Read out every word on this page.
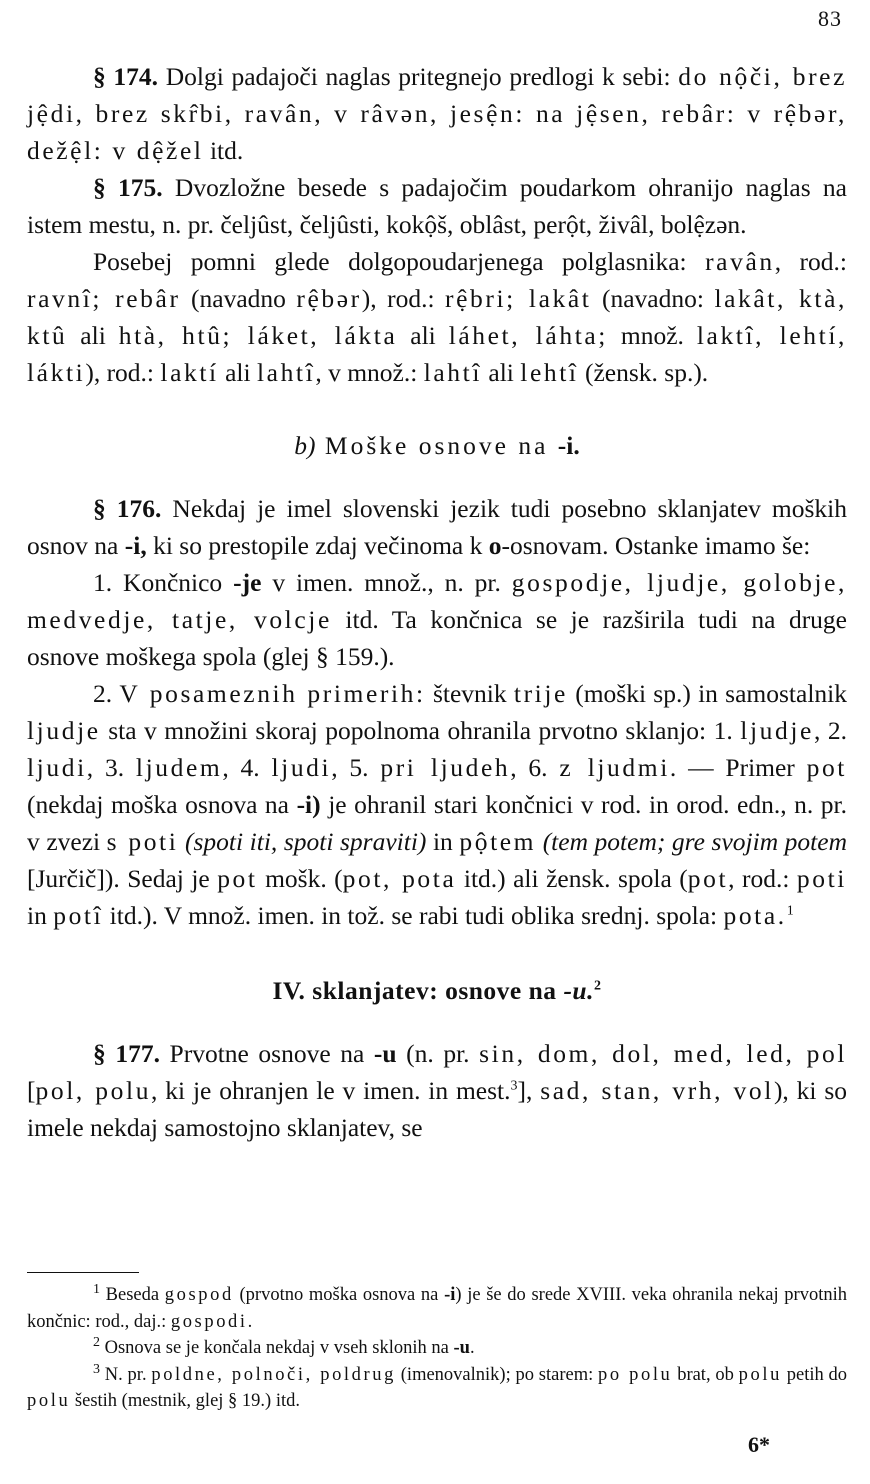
83

§ 174. Dolgi padajoči naglas pritegnejo predlogi k sebi: do nộči, brez jệdi, brez skr̂bi, ravân, v râvən, jesện: na jệsen, rebâr: v rệbər, dežệl: v dệžel itd.

§ 175. Dvozložne besede s padajočim poudarkom ohranijo naglas na istem mestu, n. pr. čeljûst, čeljûsti, kokộš, oblâst, perột, živâl, bolệzən.

Posebej pomni glede dolgopoudarjenega polglasnika: ravân, rod.: ravnî; rebâr (navadno rệbər), rod.: rệbri; lakât (navadno: lakât, ktà, ktû ali htà, htû; láket, lákta ali láhet, láhta; množ. laktî, lehtí, lákti), rod.: laktí ali lahtî, v množ.: lahtî ali lehtî (žensk. sp.).

b) Moške osnove na -i.

§ 176. Nekdaj je imel slovenski jezik tudi posebno sklanjatev moških osnov na -i, ki so prestopile zdaj večinoma k o-osnovam. Ostanke imamo še:

1. Končnico -je v imen. množ., n. pr. gospodje, ljudje, golobje, medvedje, tatje, volcje itd. Ta končnica se je razširila tudi na druge osnove moškega spola (glej § 159.).

2. V posameznih primerih: števnik trije (moški sp.) in samostalnik ljudje sta v množini skoraj popolnoma ohranila prvotno sklanjo: 1. ljudje, 2. ljudi, 3. ljudem, 4. ljudi, 5. pri ljudeh, 6. z ljudmi. — Primer pot (nekdaj moška osnova na -i) je ohranil stari končnici v rod. in orod. edn., n. pr. v zvezi s poti (spoti iti, spoti spraviti) in pộtem (tem potem; gre svojim potem [Jurčič]). Sedaj je pot mošk. (pot, pota itd.) ali žensk. spola (pot, rod.: poti in potî itd.). V množ. imen. in tož. se rabi tudi oblika srednj. spola: pota.$^1$

IV. sklanjatev: osnove na -u.$^2$

§ 177. Prvotne osnove na -u (n. pr. sin, dom, dol, med, led, pol [pol, polu, ki je ohranjen le v imen. in mest.$^3$], sad, stan, vrh, vol), ki so imele nekdaj samostojno sklanjatev, se

$^1$ Beseda gospod (prvotno moška osnova na -i) je še do srede XVIII. veka ohranila nekaj prvotnih končnic: rod., daj.: gospodi.

$^2$ Osnova se je končala nekdaj v vseh sklonih na -u.

$^3$ N. pr. poldne, polnoči, poldrug (imenovalnik); po starem: po polu brat, ob polu petih do polu šestih (mestnik, glej § 19.) itd.

6*
